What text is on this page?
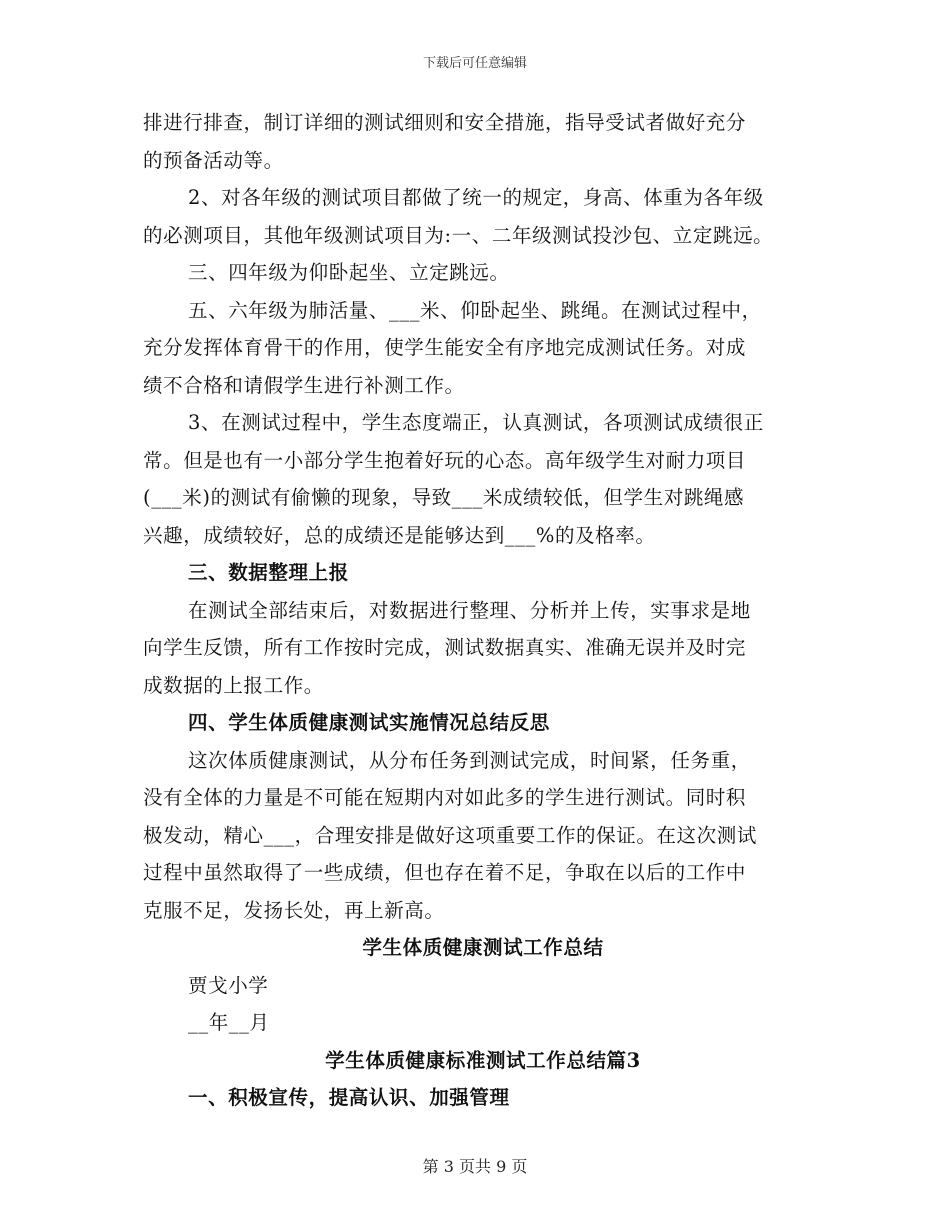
下载后可任意编辑
排进行排查，制订详细的测试细则和安全措施，指导受试者做好充分
的预备活动等。
2、对各年级的测试项目都做了统一的规定，身高、体重为各年级
的必测项目，其他年级测试项目为:一、二年级测试投沙包、立定跳远。
三、四年级为仰卧起坐、立定跳远。
五、六年级为肺活量、___米、仰卧起坐、跳绳。在测试过程中，
充分发挥体育骨干的作用，使学生能安全有序地完成测试任务。对成
绩不合格和请假学生进行补测工作。
3、在测试过程中，学生态度端正，认真测试，各项测试成绩很正
常。但是也有一小部分学生抱着好玩的心态。高年级学生对耐力项目
(___米)的测试有偷懒的现象，导致___米成绩较低，但学生对跳绳感
兴趣，成绩较好，总的成绩还是能够达到___%的及格率。
三、数据整理上报
在测试全部结束后，对数据进行整理、分析并上传，实事求是地
向学生反馈，所有工作按时完成，测试数据真实、准确无误并及时完
成数据的上报工作。
四、学生体质健康测试实施情况总结反思
这次体质健康测试，从分布任务到测试完成，时间紧，任务重，
没有全体的力量是不可能在短期内对如此多的学生进行测试。同时积
极发动，精心___，合理安排是做好这项重要工作的保证。在这次测试
过程中虽然取得了一些成绩，但也存在着不足，争取在以后的工作中
克服不足，发扬长处，再上新高。
学生体质健康测试工作总结
贾戈小学
__年__月
学生体质健康标准测试工作总结篇3
一、积极宣传，提高认识、加强管理
第 3 页共 9 页
